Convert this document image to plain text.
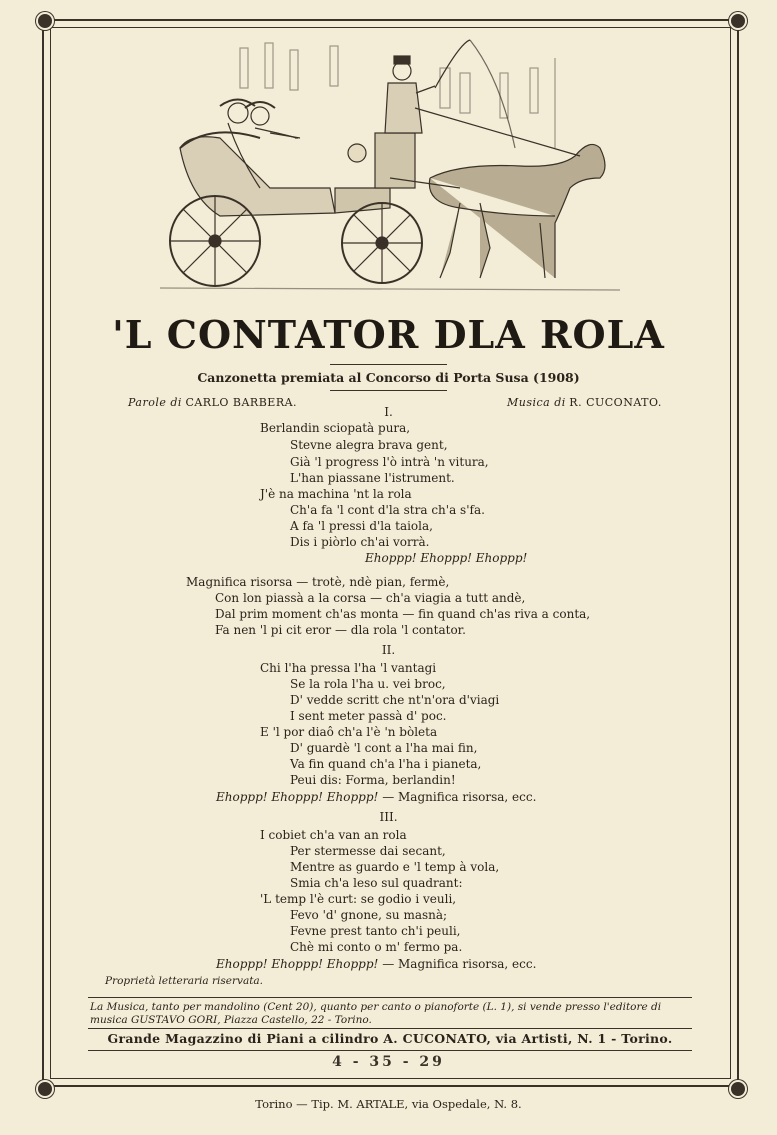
'L CONTATOR DLA ROLA
Canzonetta premiata al Concorso di Porta Susa (1908)
Parole di CARLO BARBERA.	Musica di R. CUCONATO.
I.
Berlandin sciopatà pura,
Stevne alegra brava gent,
Già 'l progress l'ò intrà 'n vitura,
L'han piassane l'istrument.
J'è na machina 'nt la rola
Ch'a fa 'l cont d'la stra ch'a s'fa.
A fa 'l pressi d'la taiola,
Dis i piòrlo ch'ai vorrà.
Ehoppp! Ehoppp! Ehoppp!
Magnifica risorsa — trotè, ndè pian, fermè,
Con lon piassà a la corsa — ch'a viagia a tutt andè,
Dal prim moment ch'as monta — fin quand ch'as riva a conta,
Fa nen 'l pi cit eror — dla rola 'l contator.
II.
Chi l'ha pressa l'ha 'l vantagi
Se la rola l'ha u. vei broc,
D' vedde scritt che nt'n'ora d'viagi
I sent meter passà d' poc.
E 'l por diaô ch'a l'è 'n bòleta
D' guardè 'l cont a l'ha mai fin,
Va fin quand ch'a l'ha i pianeta,
Peui dis: Forma, berlandin!
Ehoppp! Ehoppp! Ehoppp! — Magnifica risorsa, ecc.
III.
I cobiet ch'a van an rola
Per stermesse dai secant,
Mentre as guardo e 'l temp à vola,
Smia ch'a leso sul quadrant:
'L temp l'è curt: se godio i veuli,
Fevo 'd' gnone, su masnà;
Fevne prest tanto ch'i peuli,
Chè mi conto o m' fermo pa.
Ehoppp! Ehoppp! Ehoppp! — Magnifica risorsa, ecc.
Proprietà letteraria riservata.
La Musica, tanto per mandolino (Cent 20), quanto per canto o pianoforte (L. 1), si vende presso l'editore di musica GUSTAVO GORI, Piazza Castello, 22 - Torino.
Grande Magazzino di Piani a cilindro A. CUCONATO, via Artisti, N. 1 - Torino.
4 - 35 - 29
Torino — Tip. M. ARTALE, via Ospedale, N. 8.
